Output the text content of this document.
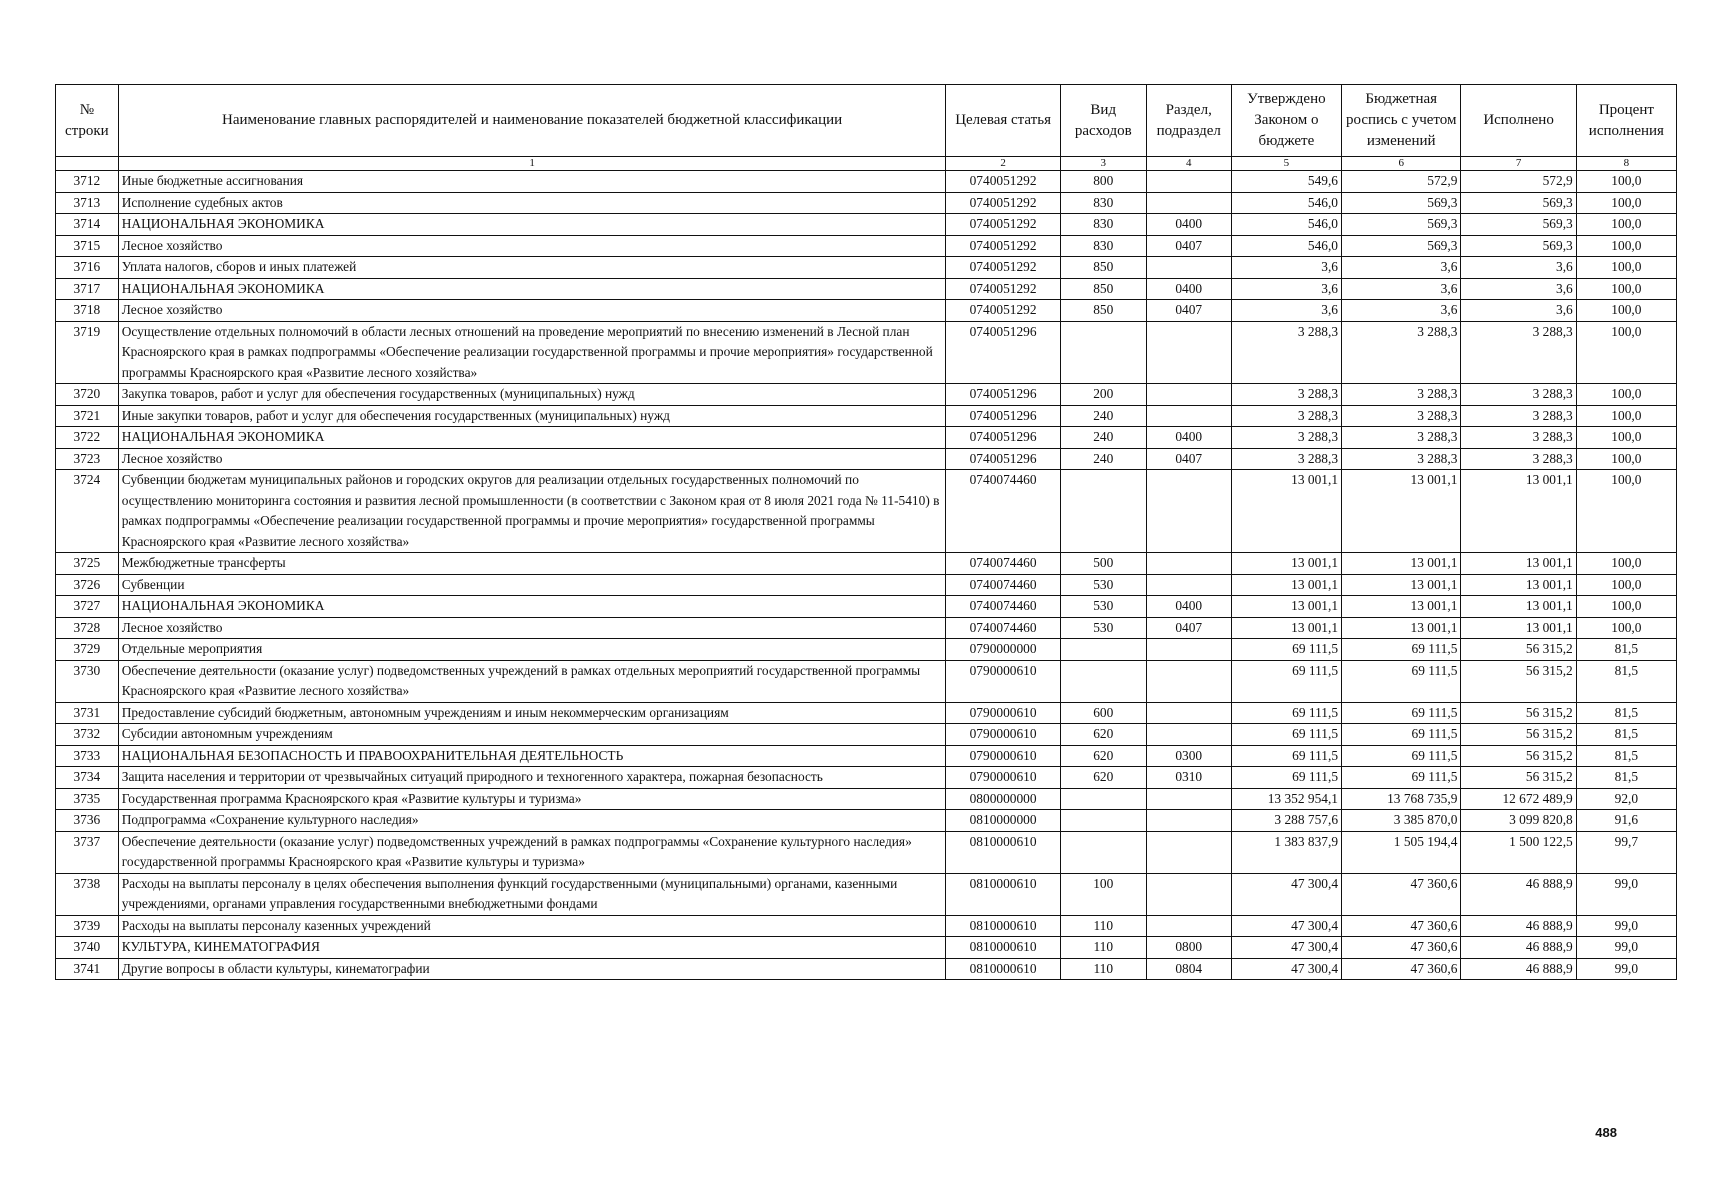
№ строки	Наименование главных распорядителей и наименование показателей бюджетной классификации	Целевая статья	Вид расходов	Раздел, подраздел	Утверждено Законом о бюджете	Бюджетная роспись с учетом изменений	Исполнено	Процент исполнения
	1	2	3	4	5	6	7	8
3712	Иные бюджетные ассигнования	0740051292	800		549,6	572,9	572,9	100,0
3713	Исполнение судебных актов	0740051292	830		546,0	569,3	569,3	100,0
3714	НАЦИОНАЛЬНАЯ ЭКОНОМИКА	0740051292	830	0400	546,0	569,3	569,3	100,0
3715	Лесное хозяйство	0740051292	830	0407	546,0	569,3	569,3	100,0
3716	Уплата налогов, сборов и иных платежей	0740051292	850		3,6	3,6	3,6	100,0
3717	НАЦИОНАЛЬНАЯ ЭКОНОМИКА	0740051292	850	0400	3,6	3,6	3,6	100,0
3718	Лесное хозяйство	0740051292	850	0407	3,6	3,6	3,6	100,0
3719	Осуществление отдельных полномочий в области лесных отношений на проведение мероприятий по внесению изменений в Лесной план Красноярского края в рамках подпрограммы «Обеспечение реализации государственной программы и прочие мероприятия» государственной программы Красноярского края «Развитие лесного хозяйства»	0740051296			3 288,3	3 288,3	3 288,3	100,0
3720	Закупка товаров, работ и услуг для обеспечения государственных (муниципальных) нужд	0740051296	200		3 288,3	3 288,3	3 288,3	100,0
3721	Иные закупки товаров, работ и услуг для обеспечения государственных (муниципальных) нужд	0740051296	240		3 288,3	3 288,3	3 288,3	100,0
3722	НАЦИОНАЛЬНАЯ ЭКОНОМИКА	0740051296	240	0400	3 288,3	3 288,3	3 288,3	100,0
3723	Лесное хозяйство	0740051296	240	0407	3 288,3	3 288,3	3 288,3	100,0
3724	Субвенции бюджетам муниципальных районов и городских округов для реализации отдельных государственных полномочий по осуществлению мониторинга состояния и развития лесной промышленности (в соответствии с Законом края от 8 июля 2021 года № 11-5410) в рамках подпрограммы «Обеспечение реализации государственной программы и прочие мероприятия» государственной программы Красноярского края «Развитие лесного хозяйства»	0740074460			13 001,1	13 001,1	13 001,1	100,0
3725	Межбюджетные трансферты	0740074460	500		13 001,1	13 001,1	13 001,1	100,0
3726	Субвенции	0740074460	530		13 001,1	13 001,1	13 001,1	100,0
3727	НАЦИОНАЛЬНАЯ ЭКОНОМИКА	0740074460	530	0400	13 001,1	13 001,1	13 001,1	100,0
3728	Лесное хозяйство	0740074460	530	0407	13 001,1	13 001,1	13 001,1	100,0
3729	Отдельные мероприятия	0790000000			69 111,5	69 111,5	56 315,2	81,5
3730	Обеспечение деятельности (оказание услуг) подведомственных учреждений в рамках отдельных мероприятий государственной программы Красноярского края «Развитие лесного хозяйства»	0790000610			69 111,5	69 111,5	56 315,2	81,5
3731	Предоставление субсидий бюджетным, автономным учреждениям и иным некоммерческим организациям	0790000610	600		69 111,5	69 111,5	56 315,2	81,5
3732	Субсидии автономным учреждениям	0790000610	620		69 111,5	69 111,5	56 315,2	81,5
3733	НАЦИОНАЛЬНАЯ БЕЗОПАСНОСТЬ И ПРАВООХРАНИТЕЛЬНАЯ ДЕЯТЕЛЬНОСТЬ	0790000610	620	0300	69 111,5	69 111,5	56 315,2	81,5
3734	Защита населения и территории от чрезвычайных ситуаций природного и техногенного характера, пожарная безопасность	0790000610	620	0310	69 111,5	69 111,5	56 315,2	81,5
3735	Государственная программа Красноярского края «Развитие культуры и туризма»	0800000000			13 352 954,1	13 768 735,9	12 672 489,9	92,0
3736	Подпрограмма «Сохранение культурного наследия»	0810000000			3 288 757,6	3 385 870,0	3 099 820,8	91,6
3737	Обеспечение деятельности (оказание услуг) подведомственных учреждений в рамках подпрограммы «Сохранение культурного наследия» государственной программы Красноярского края «Развитие культуры и туризма»	0810000610			1 383 837,9	1 505 194,4	1 500 122,5	99,7
3738	Расходы на выплаты персоналу в целях обеспечения выполнения функций государственными (муниципальными) органами, казенными учреждениями, органами управления государственными внебюджетными фондами	0810000610	100		47 300,4	47 360,6	46 888,9	99,0
3739	Расходы на выплаты персоналу казенных учреждений	0810000610	110		47 300,4	47 360,6	46 888,9	99,0
3740	КУЛЬТУРА, КИНЕМАТОГРАФИЯ	0810000610	110	0800	47 300,4	47 360,6	46 888,9	99,0
3741	Другие вопросы в области культуры, кинематографии	0810000610	110	0804	47 300,4	47 360,6	46 888,9	99,0
488
